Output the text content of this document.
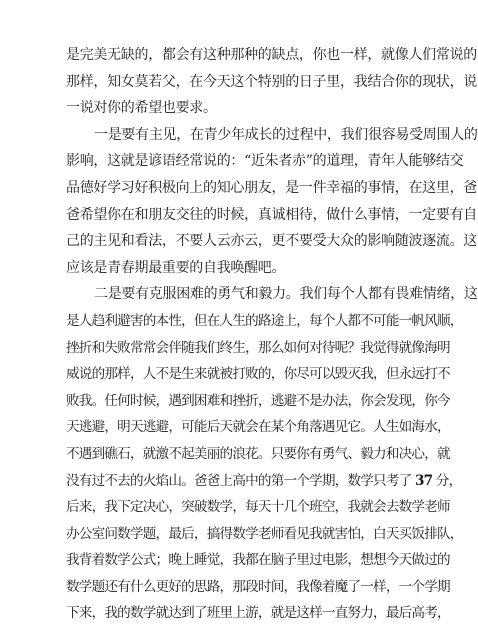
是完美无缺的，都会有这种那种的缺点，你也一样，就像人们常说的
那样，知女莫若父，在今天这个特别的日子里，我结合你的现状，说
一说对你的希望也要求。
一是要有主见，在青少年成长的过程中，我们很容易受周围人的
影响，这就是谚语经常说的：“近朱者赤”的道理，青年人能够结交
品德好学习好积极向上的知心朋友，是一件幸福的事情，在这里，爸
爸希望你在和朋友交往的时候，真诚相待，做什么事情，一定要有自
己的主见和看法，不要人云亦云，更不要受大众的影响随波逐流。这
应该是青春期最重要的自我唤醒吧。
二是要有克服困难的勇气和毅力。我们每个人都有畏难情绪，这
是人趋利避害的本性，但在人生的路途上，每个人都不可能一帆风顺，
挫折和失败常常会伴随我们终生，那么如何对待呢？我觉得就像海明
威说的那样，人不是生来就被打败的，你尽可以毁灭我，但永远打不
败我。任何时候，遇到困难和挫折，逃避不是办法，你会发现，你今
天逃避，明天逃避，可能后天就会在某个角落遇见它。人生如海水，
不遇到礁石，就激不起美丽的浪花。只要你有勇气、毅力和决心，就
没有过不去的火焰山。爸爸上高中的第一个学期，数学只考了 37 分，
后来，我下定决心，突破数学，每天十几个班空，我就会去数学老师
办公室问数学题，最后，搞得数学老师看见我就害怕，白天买饭排队，
我背着数学公式；晚上睡觉，我都在脑子里过电影，想想今天做过的
数学题还有什么更好的思路，那段时间，我像着魔了一样，一个学期
下来，我的数学就达到了班里上游，就是这样一直努力，最后高考，
